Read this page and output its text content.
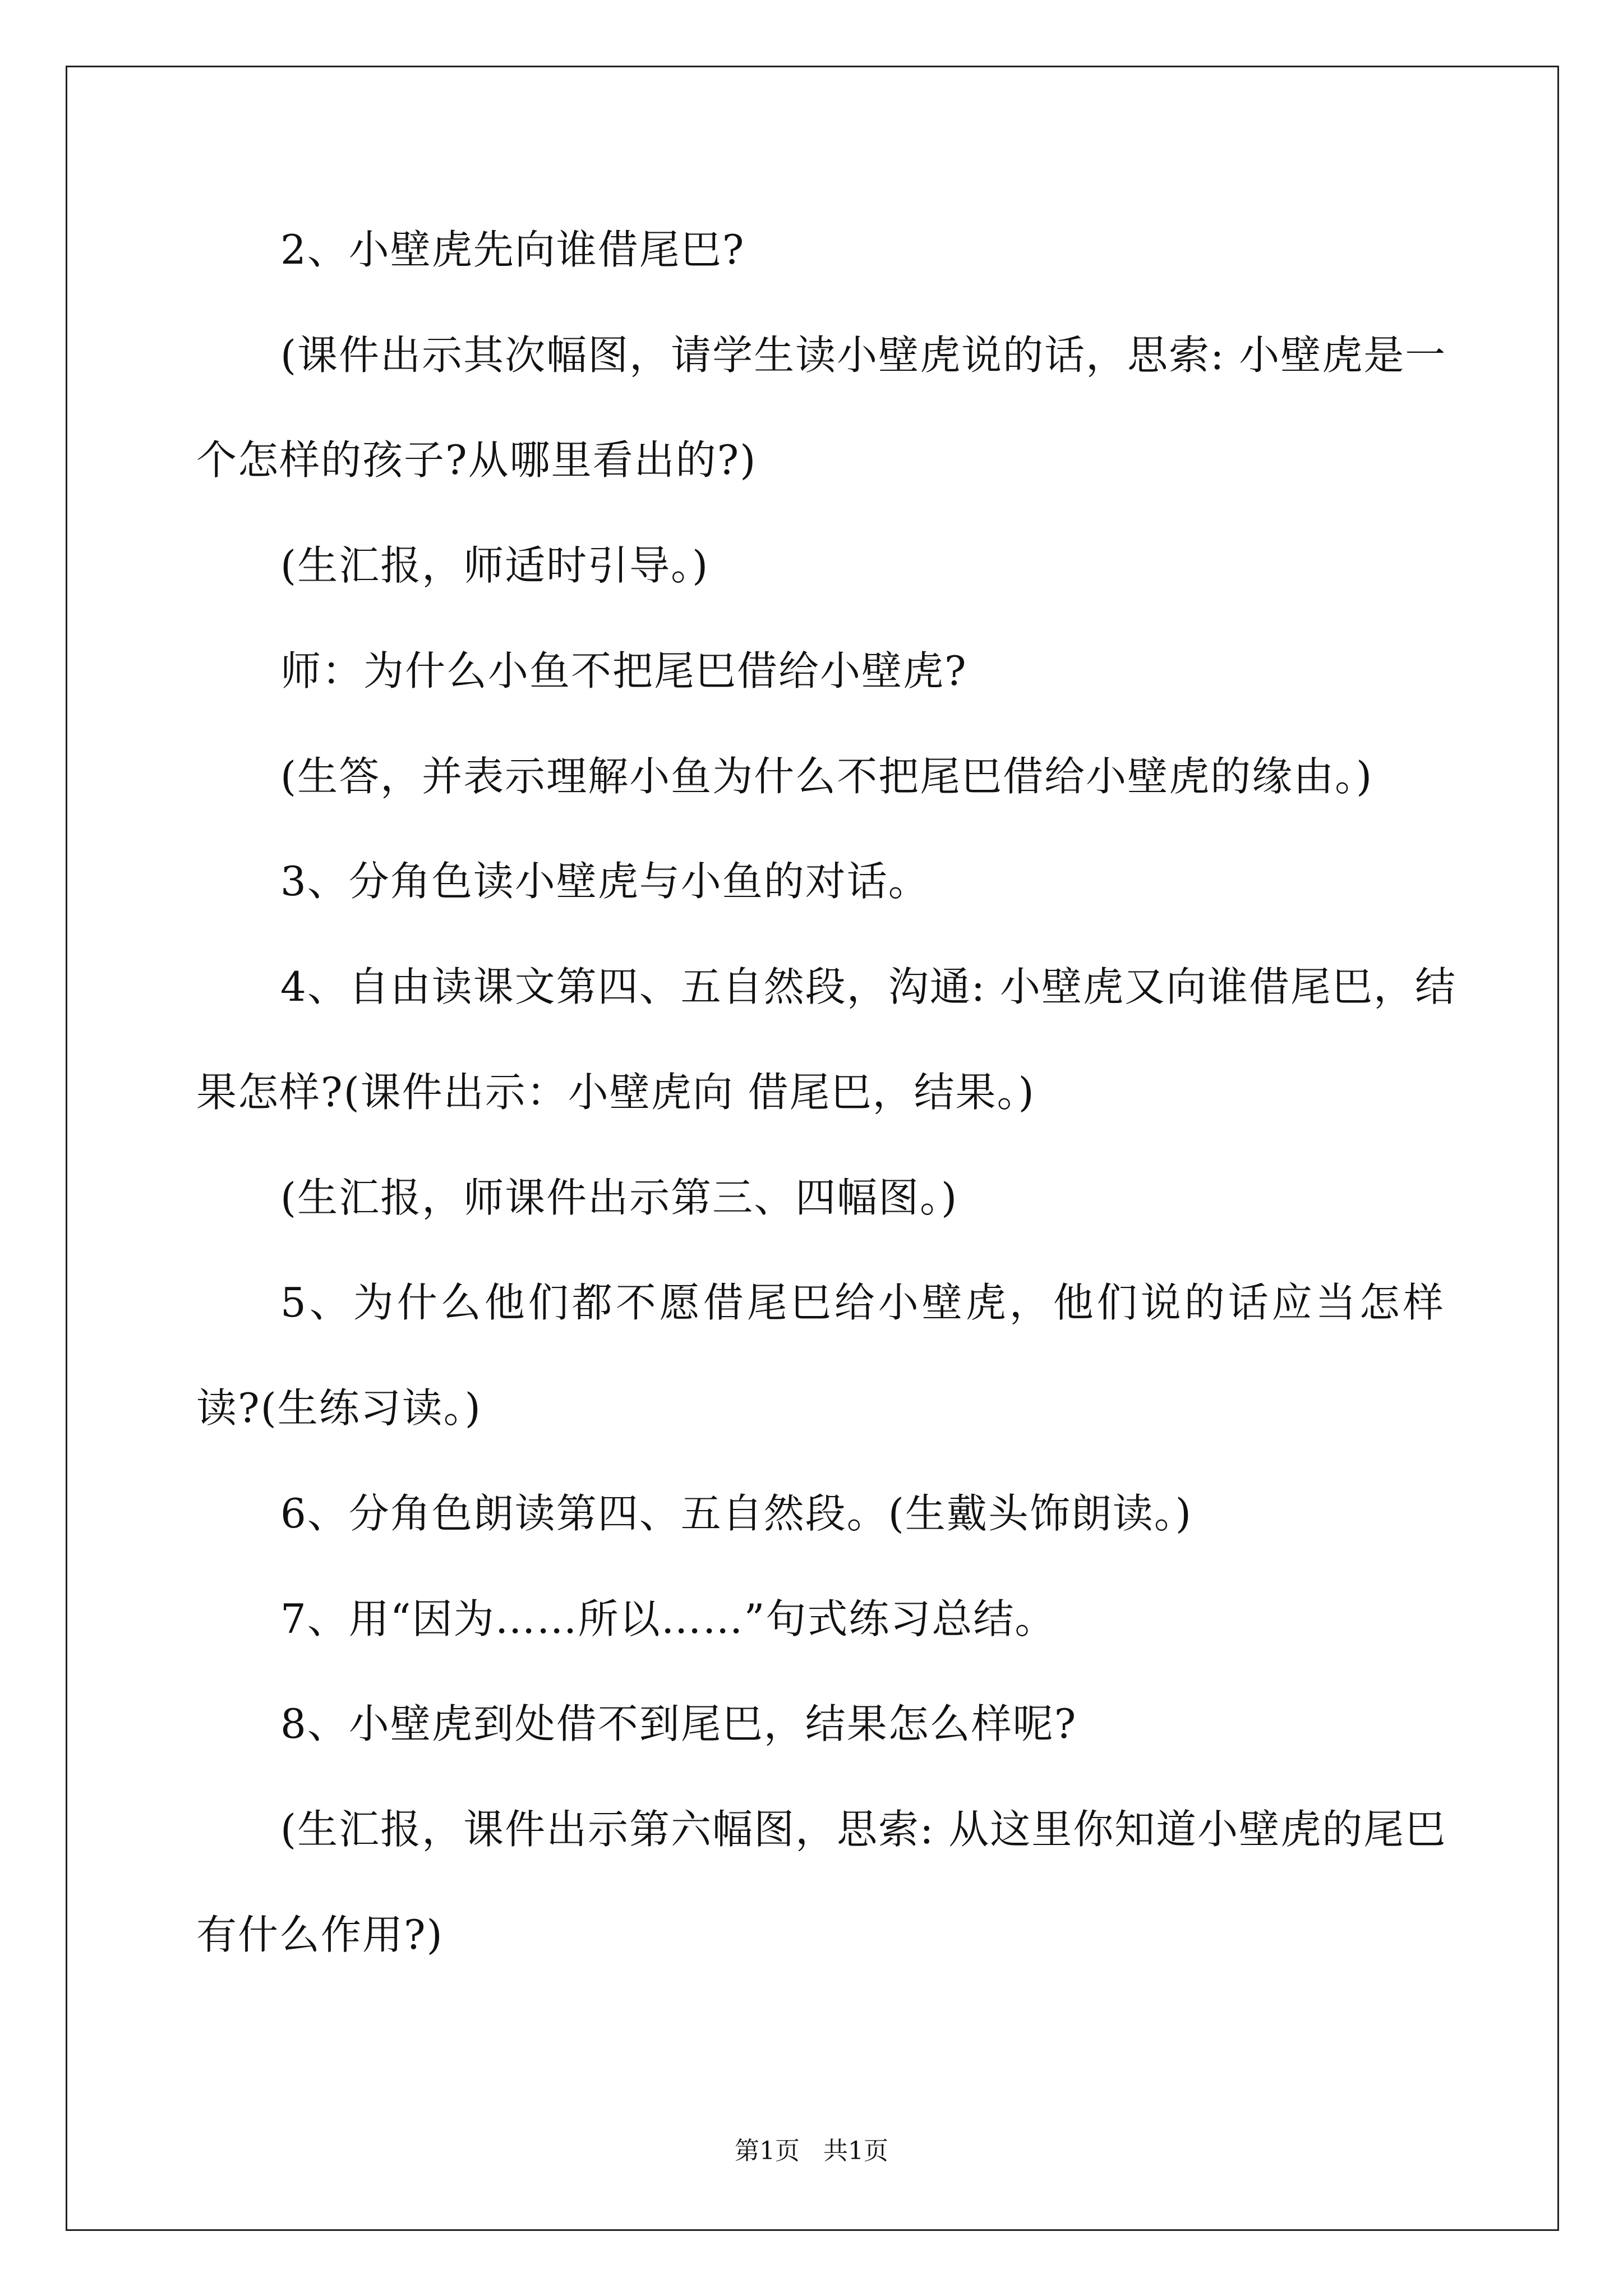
2、小壁虎先向谁借尾巴?
(课件出示其次幅图，请学生读小壁虎说的话，思索: 小壁虎是一
个怎样的孩子?从哪里看出的?)
(生汇报，师适时引导。)
师：为什么小鱼不把尾巴借给小壁虎?
(生答，并表示理解小鱼为什么不把尾巴借给小壁虎的缘由。)
3、分角色读小壁虎与小鱼的对话。
4、自由读课文第四、五自然段，沟通: 小壁虎又向谁借尾巴，结
果怎样?(课件出示：小壁虎向 借尾巴，结果。)
(生汇报，师课件出示第三、四幅图。)
5、为什么他们都不愿借尾巴给小壁虎，他们说的话应当怎样
读?(生练习读。)
6、分角色朗读第四、五自然段。(生戴头饰朗读。)
7、用“因为……所以……”句式练习总结。
8、小壁虎到处借不到尾巴，结果怎么样呢?
(生汇报，课件出示第六幅图，思索: 从这里你知道小壁虎的尾巴
有什么作用?)
第1页 共1页
